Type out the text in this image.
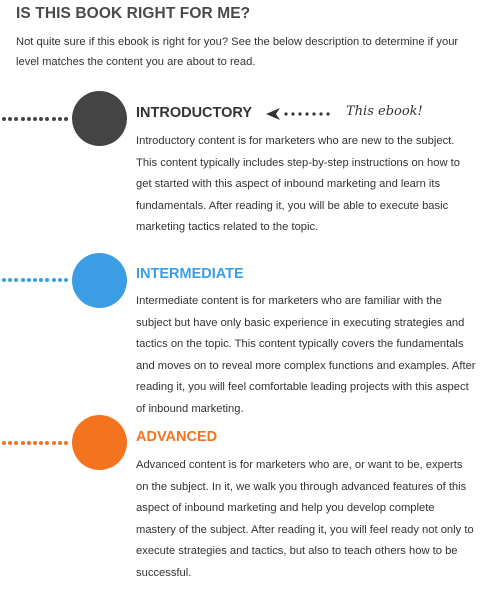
IS THIS BOOK RIGHT FOR ME?
Not quite sure if this ebook is right for you? See the below description to determine if your level matches the content you are about to read.
INTRODUCTORY
Introductory content is for marketers who are new to the subject. This content typically includes step-by-step instructions on how to get started with this aspect of inbound marketing and learn its fundamentals. After reading it, you will be able to execute basic marketing tactics related to the topic.
This ebook!
INTERMEDIATE
Intermediate content is for marketers who are familiar with the subject but have only basic experience in executing strategies and tactics on the topic. This content typically covers the fundamentals and moves on to reveal more complex functions and examples. After reading it, you will feel comfortable leading projects with this aspect of inbound marketing.
ADVANCED
Advanced content is for marketers who are, or want to be, experts on the subject. In it, we walk you through advanced features of this aspect of inbound marketing and help you develop complete mastery of the subject. After reading it, you will feel ready not only to execute strategies and tactics, but also to teach others how to be successful.
